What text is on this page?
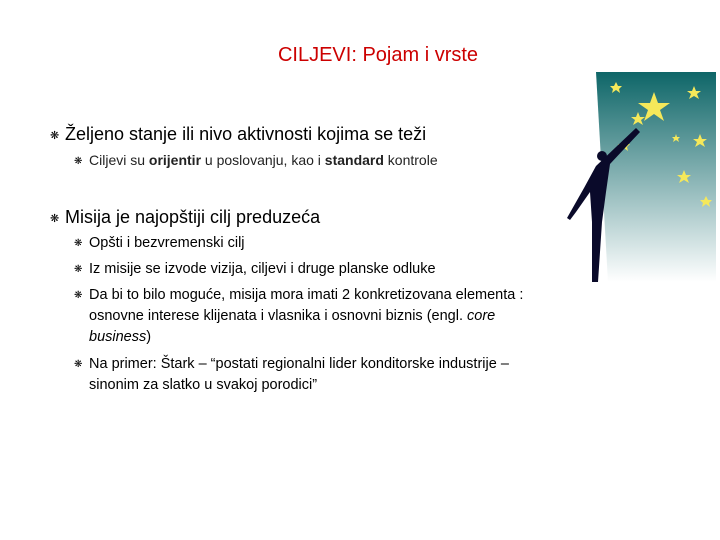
CILJEVI: Pojam i vrste
❋ Željeno stanje ili nivo aktivnosti kojima se teži
❋ Ciljevi su orijentir u poslovanju, kao i standard kontrole
❋ Misija je najopštiji cilj preduzeća
❋ Opšti i bezvremenski cilj
❋ Iz misije se izvode vizija, ciljevi i druge planske odluke
❋ Da bi to bilo moguće, misija mora imati 2 konkretizovana elementa :
osnovne interese klijenata i vlasnika i osnovni biznis (engl. core
business)
❋ Na primer: Štark – “postati regionalni lider konditorske industrije –
sinonim za slatko u svakoj porodici”
